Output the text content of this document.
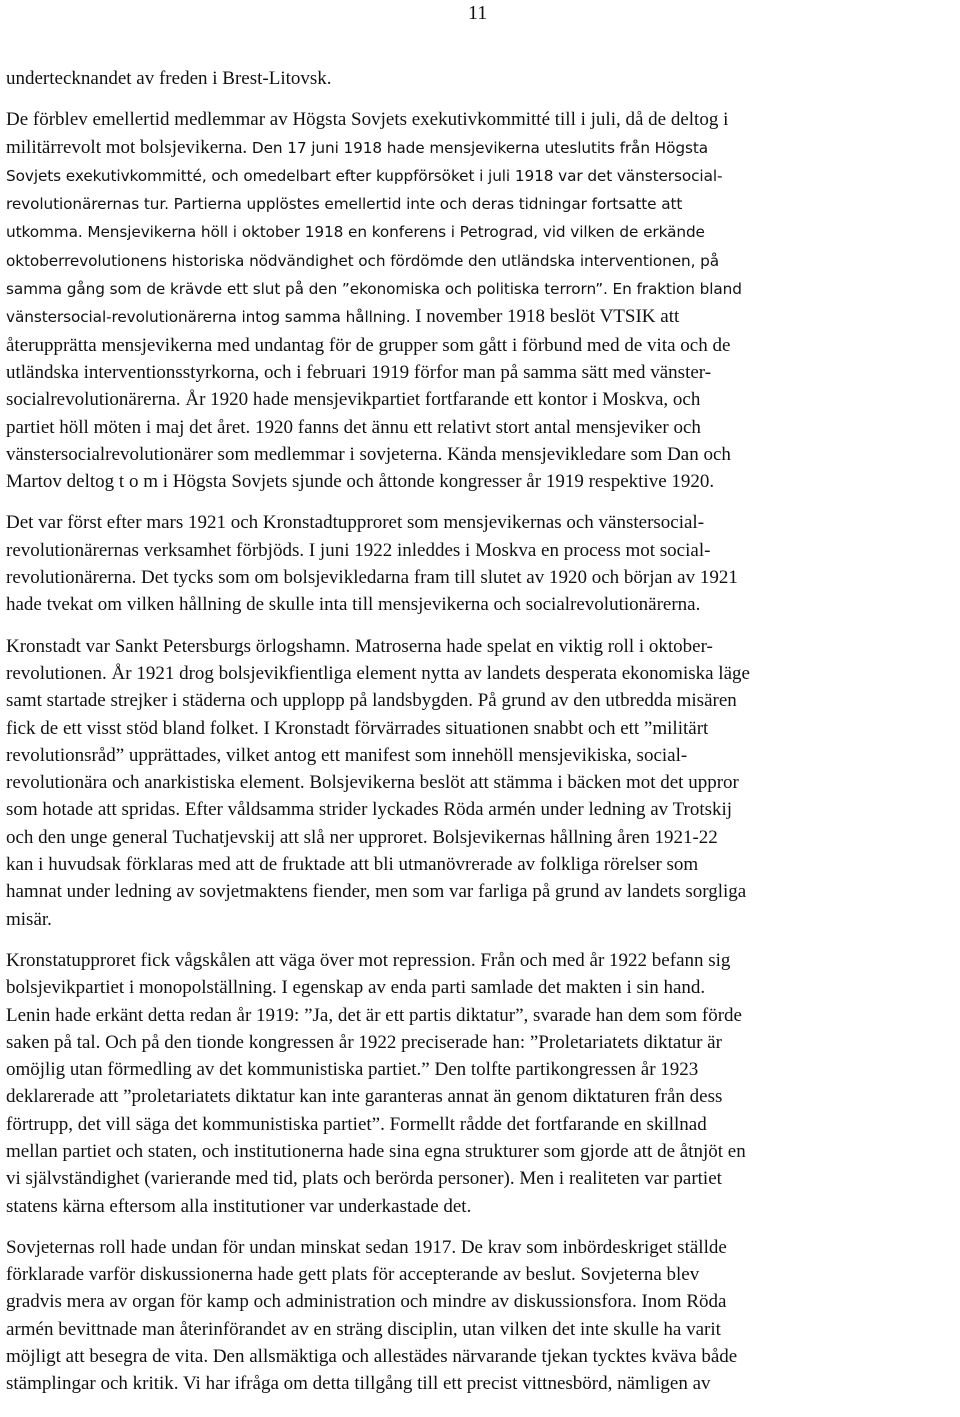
11

undertecknandet av freden i Brest-Litovsk.

De förblev emellertid medlemmar av Högsta Sovjets exekutivkommitté till i juli, då de deltog i
militärrevolt mot bolsjevikerna. Den 17 juni 1918 hade mensjevikerna uteslutits från Högsta
Sovjets exekutivkommitté, och omedelbart efter kuppförsöket i juli 1918 var det vänstersocial-
revolutionärernas tur. Partierna upplöstes emellertid inte och deras tidningar fortsatte att
utkomma. Mensjevikerna höll i oktober 1918 en konferens i Petrograd, vid vilken de erkände
oktoberrevolutionens historiska nödvändighet och fördömde den utländska interventionen, på
samma gång som de krävde ett slut på den ”ekonomiska och politiska terrorn”. En fraktion bland
vänstersocial-revolutionärerna intog samma hållning. I november 1918 beslöt VTSIK att
återupprätta mensjevikerna med undantag för de grupper som gått i förbund med de vita och de
utländska interventionsstyrkorna, och i februari 1919 förfor man på samma sätt med vänster-
socialrevolutionärerna. År 1920 hade mensjevikpartiet fortfarande ett kontor i Moskva, och
partiet höll möten i maj det året. 1920 fanns det ännu ett relativt stort antal mensjeviker och
vänstersocialrevolutionärer som medlemmar i sovjeterna. Kända mensjevikledare som Dan och
Martov deltog t o m i Högsta Sovjets sjunde och åttonde kongresser år 1919 respektive 1920.

Det var först efter mars 1921 och Kronstadtupproret som mensjevikernas och vänstersocial-
revolutionärernas verksamhet förbjöds. I juni 1922 inleddes i Moskva en process mot social-
revolutionärerna. Det tycks som om bolsjevikledarna fram till slutet av 1920 och början av 1921
hade tvekat om vilken hållning de skulle inta till mensjevikerna och socialrevolutionärerna.

Kronstadt var Sankt Petersburgs örlogshamn. Matroserna hade spelat en viktig roll i oktober-
revolutionen. År 1921 drog bolsjevikfientliga element nytta av landets desperata ekonomiska läge
samt startade strejker i städerna och upplopp på landsbygden. På grund av den utbredda misären
fick de ett visst stöd bland folket. I Kronstadt förvärrades situationen snabbt och ett ”militärt
revolutionsråd” upprättades, vilket antog ett manifest som innehöll mensjevikiska, social-
revolutionära och anarkistiska element. Bolsjevikerna beslöt att stämma i bäcken mot det uppror
som hotade att spridas. Efter våldsamma strider lyckades Röda armén under ledning av Trotskij
och den unge general Tuchatjevskij att slå ner upproret. Bolsjevikernas hållning åren 1921-22
kan i huvudsak förklaras med att de fruktade att bli utmanövrerade av folkliga rörelser som
hamnat under ledning av sovjetmaktens fiender, men som var farliga på grund av landets sorgliga
misär.

Kronstatupproret fick vågskålen att väga över mot repression. Från och med år 1922 befann sig
bolsjevikpartiet i monopolställning. I egenskap av enda parti samlade det makten i sin hand.
Lenin hade erkänt detta redan år 1919: ”Ja, det är ett partis diktatur”, svarade han dem som förde
saken på tal. Och på den tionde kongressen år 1922 preciserade han: ”Proletariatets diktatur är
omöjlig utan förmedling av det kommunistiska partiet.” Den tolfte partikongressen år 1923
deklarerade att ”proletariatets diktatur kan inte garanteras annat än genom diktaturen från dess
förtrupp, det vill säga det kommunistiska partiet”. Formellt rådde det fortfarande en skillnad
mellan partiet och staten, och institutionerna hade sina egna strukturer som gjorde att de åtnjöt en
vi självständighet (varierande med tid, plats och berörda personer). Men i realiteten var partiet
statens kärna eftersom alla institutioner var underkastade det.

Sovjeternas roll hade undan för undan minskat sedan 1917. De krav som inbördeskriget ställde
förklarade varför diskussionerna hade gett plats för accepterande av beslut. Sovjeterna blev
gradvis mera av organ för kamp och administration och mindre av diskussionsfora. Inom Röda
armén bevittnade man återinförandet av en sträng disciplin, utan vilken det inte skulle ha varit
möjligt att besegra de vita. Den allsmäktiga och allestädes närvarande tjekan tycktes kväva både
stämplingar och kritik. Vi har ifråga om detta tillgång till ett precist vittnesbörd, nämligen av
